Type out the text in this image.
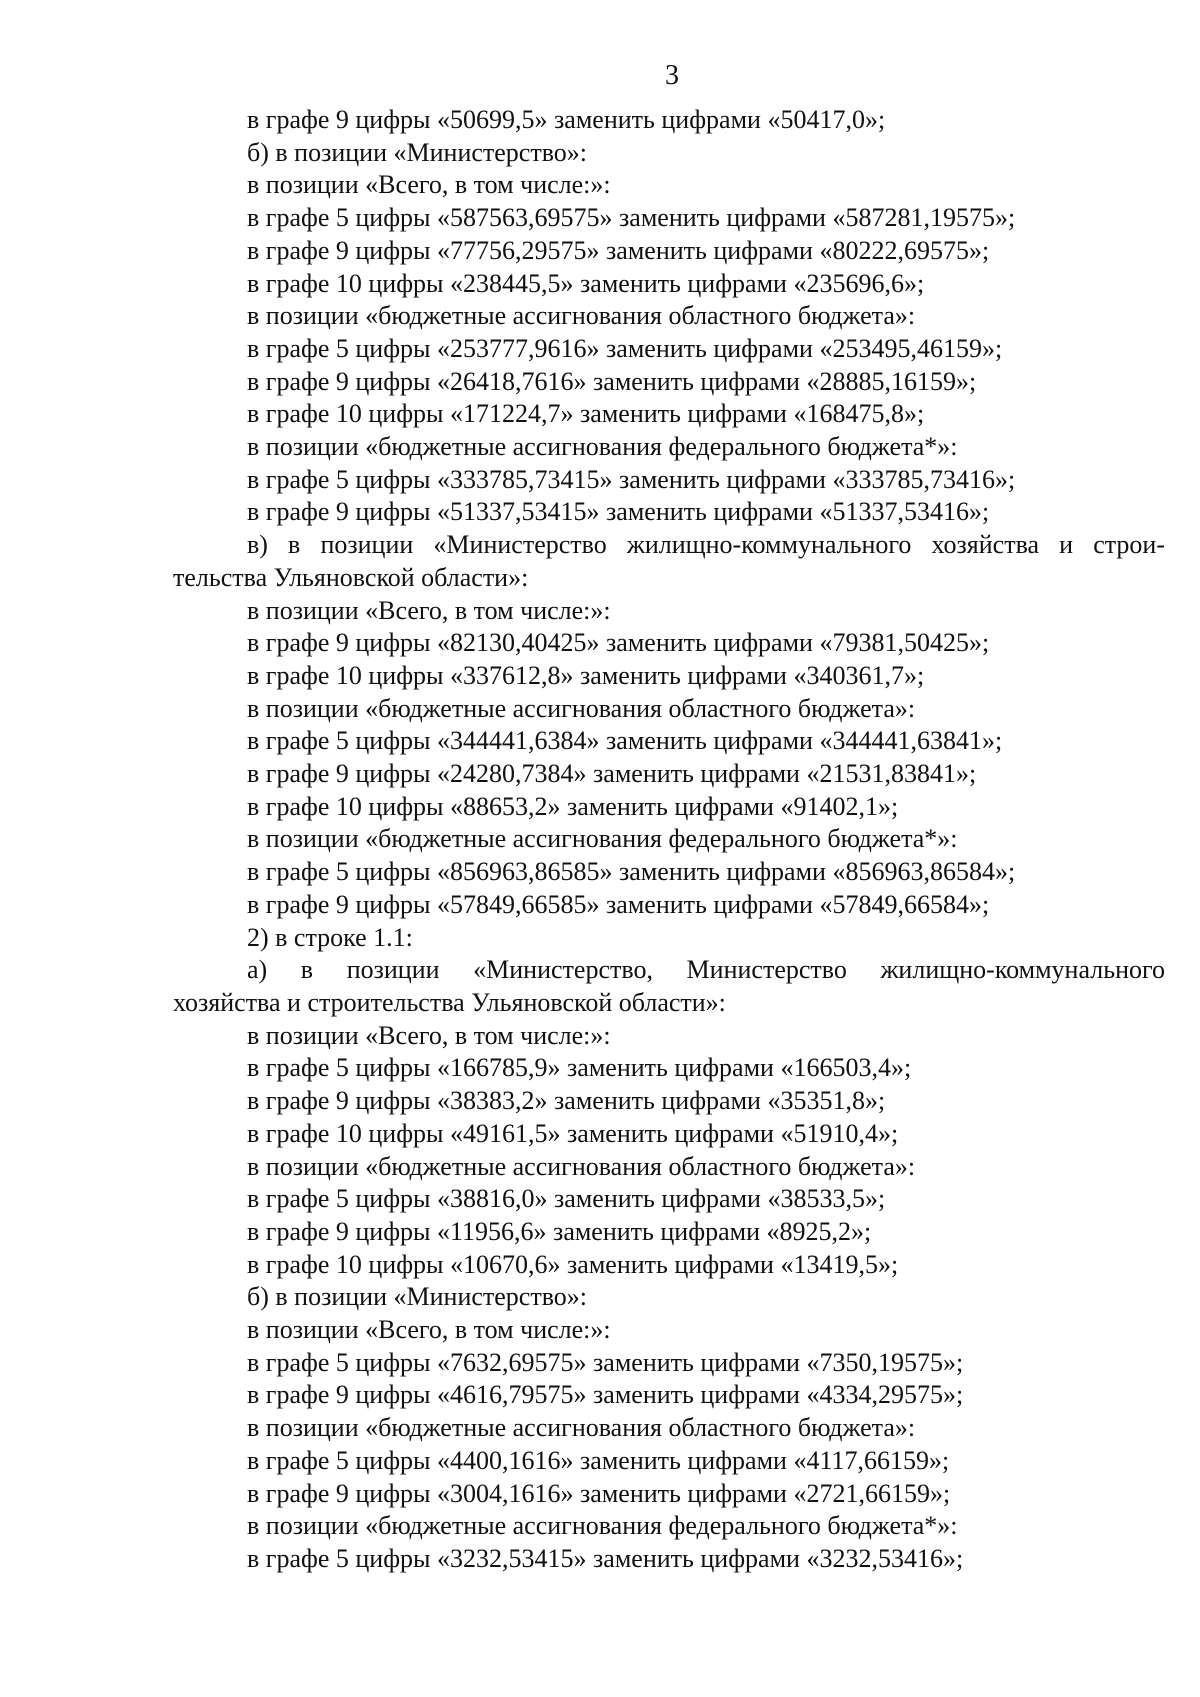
3

в графе 9 цифры «50699,5» заменить цифрами «50417,0»;

б) в позиции «Министерство»:

в позиции «Всего, в том числе:»:

в графе 5 цифры «587563,69575» заменить цифрами «587281,19575»;

в графе 9 цифры «77756,29575» заменить цифрами «80222,69575»;

в графе 10 цифры «238445,5» заменить цифрами «235696,6»;

в позиции «бюджетные ассигнования областного бюджета»:

в графе 5 цифры «253777,9616» заменить цифрами «253495,46159»;

в графе 9 цифры «26418,7616» заменить цифрами «28885,16159»;

в графе 10 цифры «171224,7» заменить цифрами «168475,8»;

в позиции «бюджетные ассигнования федерального бюджета*»:

в графе 5 цифры «333785,73415» заменить цифрами «333785,73416»;

в графе 9 цифры «51337,53415» заменить цифрами «51337,53416»;

в) в позиции «Министерство жилищно-коммунального хозяйства и строи-

тельства Ульяновской области»:

в позиции «Всего, в том числе:»:

в графе 9 цифры «82130,40425» заменить цифрами «79381,50425»;

в графе 10 цифры «337612,8» заменить цифрами «340361,7»;

в позиции «бюджетные ассигнования областного бюджета»:

в графе 5 цифры «344441,6384» заменить цифрами «344441,63841»;

в графе 9 цифры «24280,7384» заменить цифрами «21531,83841»;

в графе 10 цифры «88653,2» заменить цифрами «91402,1»;

в позиции «бюджетные ассигнования федерального бюджета*»:

в графе 5 цифры «856963,86585» заменить цифрами «856963,86584»;

в графе 9 цифры «57849,66585» заменить цифрами «57849,66584»;

2) в строке 1.1:

а) в позиции «Министерство, Министерство жилищно-коммунального

хозяйства и строительства Ульяновской области»:

в позиции «Всего, в том числе:»:

в графе 5 цифры «166785,9» заменить цифрами «166503,4»;

в графе 9 цифры «38383,2» заменить цифрами «35351,8»;

в графе 10 цифры «49161,5» заменить цифрами «51910,4»;

в позиции «бюджетные ассигнования областного бюджета»:

в графе 5 цифры «38816,0» заменить цифрами «38533,5»;

в графе 9 цифры «11956,6» заменить цифрами «8925,2»;

в графе 10 цифры «10670,6» заменить цифрами «13419,5»;

б) в позиции «Министерство»:

в позиции «Всего, в том числе:»:

в графе 5 цифры «7632,69575» заменить цифрами «7350,19575»;

в графе 9 цифры «4616,79575» заменить цифрами «4334,29575»;

в позиции «бюджетные ассигнования областного бюджета»:

в графе 5 цифры «4400,1616» заменить цифрами «4117,66159»;

в графе 9 цифры «3004,1616» заменить цифрами «2721,66159»;

в позиции «бюджетные ассигнования федерального бюджета*»:

в графе 5 цифры «3232,53415» заменить цифрами «3232,53416»;
